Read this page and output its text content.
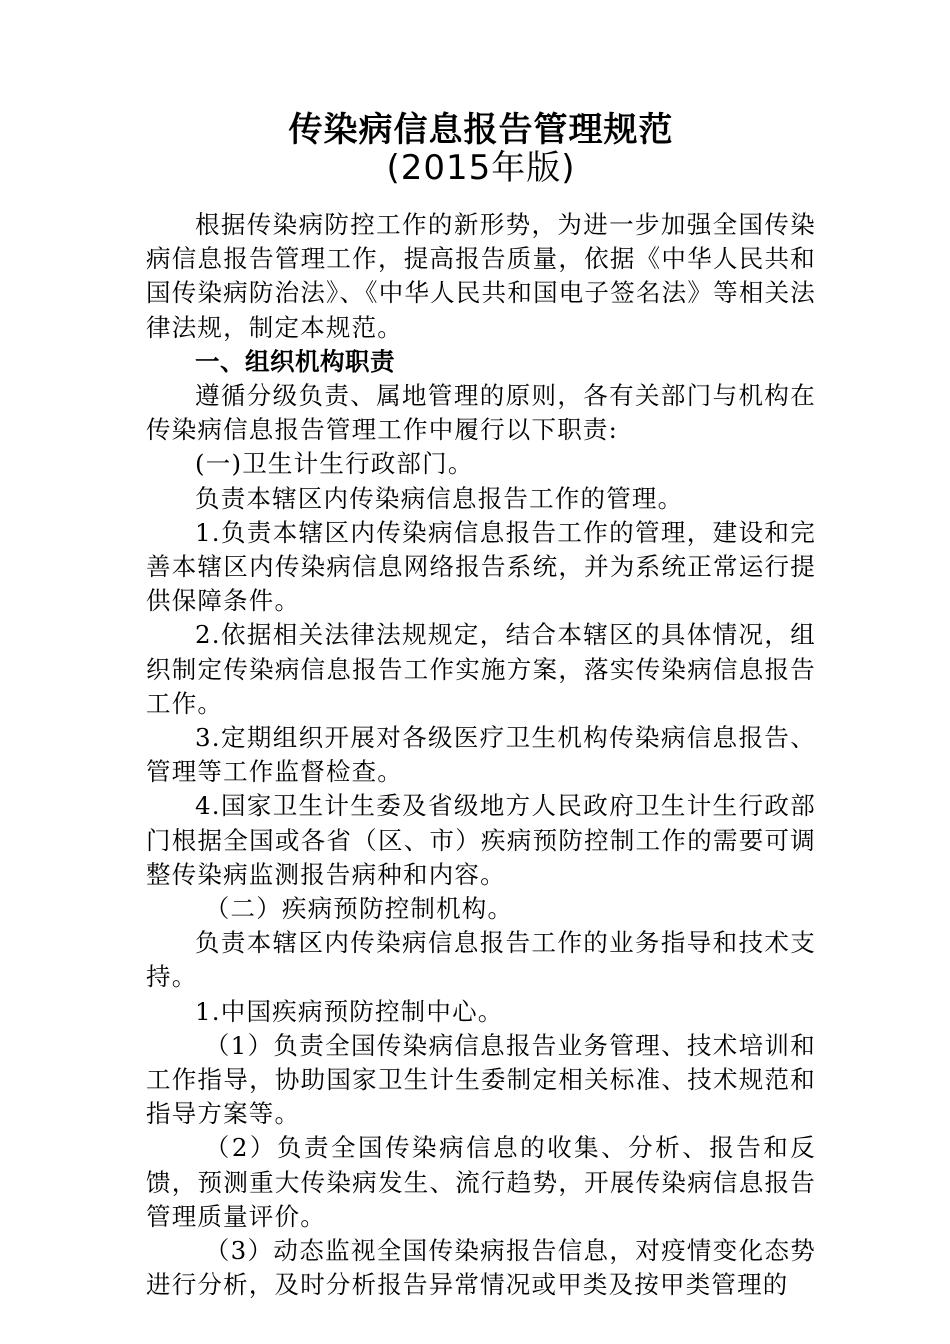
传染病信息报告管理规范
(2015年版)

根据传染病防控工作的新形势，为进一步加强全国传染病信息报告管理工作，提高报告质量，依据《中华人民共和国传染病防治法》、《中华人民共和国电子签名法》等相关法律法规，制定本规范。

一、组织机构职责

遵循分级负责、属地管理的原则，各有关部门与机构在传染病信息报告管理工作中履行以下职责:

(一)卫生计生行政部门。

负责本辖区内传染病信息报告工作的管理。

1.负责本辖区内传染病信息报告工作的管理，建设和完善本辖区内传染病信息网络报告系统，并为系统正常运行提供保障条件。

2.依据相关法律法规规定，结合本辖区的具体情况，组织制定传染病信息报告工作实施方案，落实传染病信息报告工作。

3.定期组织开展对各级医疗卫生机构传染病信息报告、管理等工作监督检查。

4.国家卫生计生委及省级地方人民政府卫生计生行政部门根据全国或各省（区、市）疾病预防控制工作的需要可调整传染病监测报告病种和内容。

（二）疾病预防控制机构。

负责本辖区内传染病信息报告工作的业务指导和技术支持。

1.中国疾病预防控制中心。

（1）负责全国传染病信息报告业务管理、技术培训和工作指导，协助国家卫生计生委制定相关标准、技术规范和指导方案等。

（2）负责全国传染病信息的收集、分析、报告和反馈，预测重大传染病发生、流行趋势，开展传染病信息报告管理质量评价。

（3）动态监视全国传染病报告信息，对疫情变化态势进行分析，及时分析报告异常情况或甲类及按甲类管理的
